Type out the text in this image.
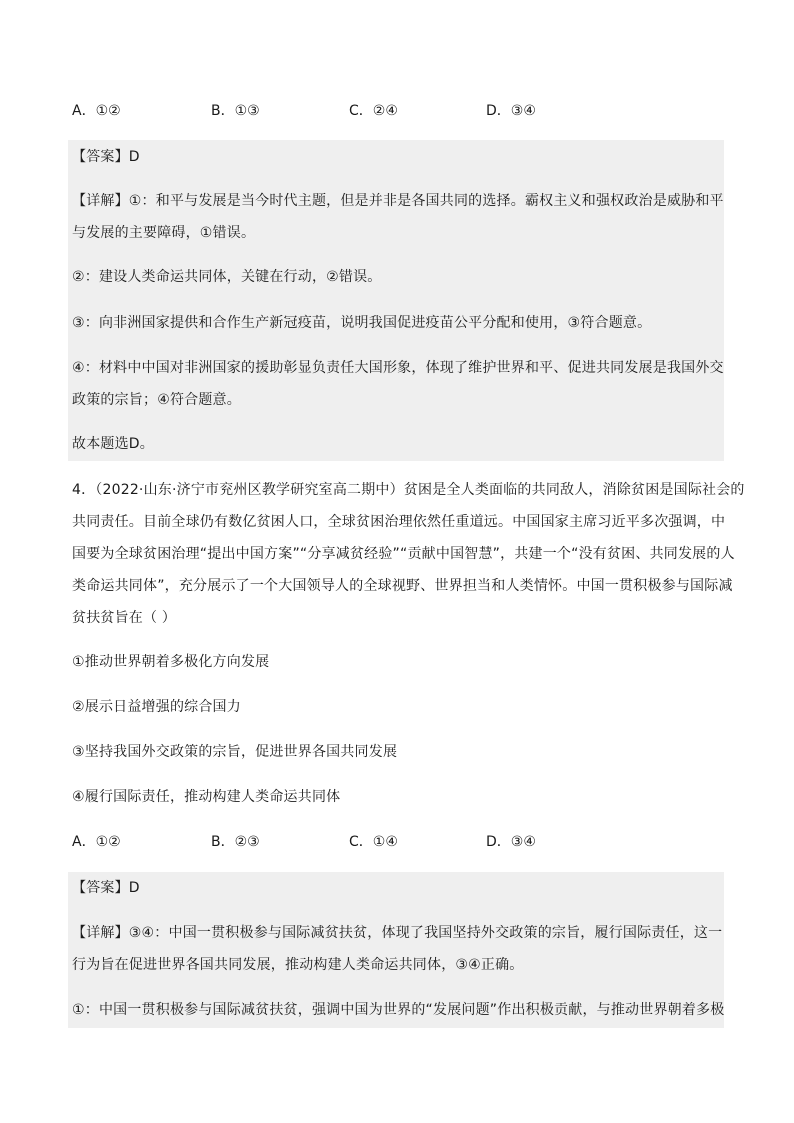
A．①②	B．①③	C．②④	D．③④
【答案】D
【详解】①：和平与发展是当今时代主题，但是并非是各国共同的选择。霸权主义和强权政治是威胁和平
与发展的主要障碍，①错误。
②：建设人类命运共同体，关键在行动，②错误。
③：向非洲国家提供和合作生产新冠疫苗，说明我国促进疫苗公平分配和使用，③符合题意。
④：材料中中国对非洲国家的援助彰显负责任大国形象，体现了维护世界和平、促进共同发展是我国外交
政策的宗旨；④符合题意。
故本题选D。
4．（2022·山东·济宁市兖州区教学研究室高二期中）贫困是全人类面临的共同敌人，消除贫困是国际社会的
共同责任。目前全球仍有数亿贫困人口，全球贫困治理依然任重道远。中国国家主席习近平多次强调，中
国要为全球贫困治理“提出中国方案”“分享减贫经验”“贡献中国智慧”，共建一个“没有贫困、共同发展的人
类命运共同体”，充分展示了一个大国领导人的全球视野、世界担当和人类情怀。中国一贯积极参与国际减
贫扶贫旨在（ ）
①推动世界朝着多极化方向发展
②展示日益增强的综合国力
③坚持我国外交政策的宗旨，促进世界各国共同发展
④履行国际责任，推动构建人类命运共同体
A．①②	B．②③	C．①④	D．③④
【答案】D
【详解】③④：中国一贯积极参与国际减贫扶贫，体现了我国坚持外交政策的宗旨，履行国际责任，这一
行为旨在促进世界各国共同发展，推动构建人类命运共同体，③④正确。
①：中国一贯积极参与国际减贫扶贫，强调中国为世界的“发展问题”作出积极贡献，与推动世界朝着多极
